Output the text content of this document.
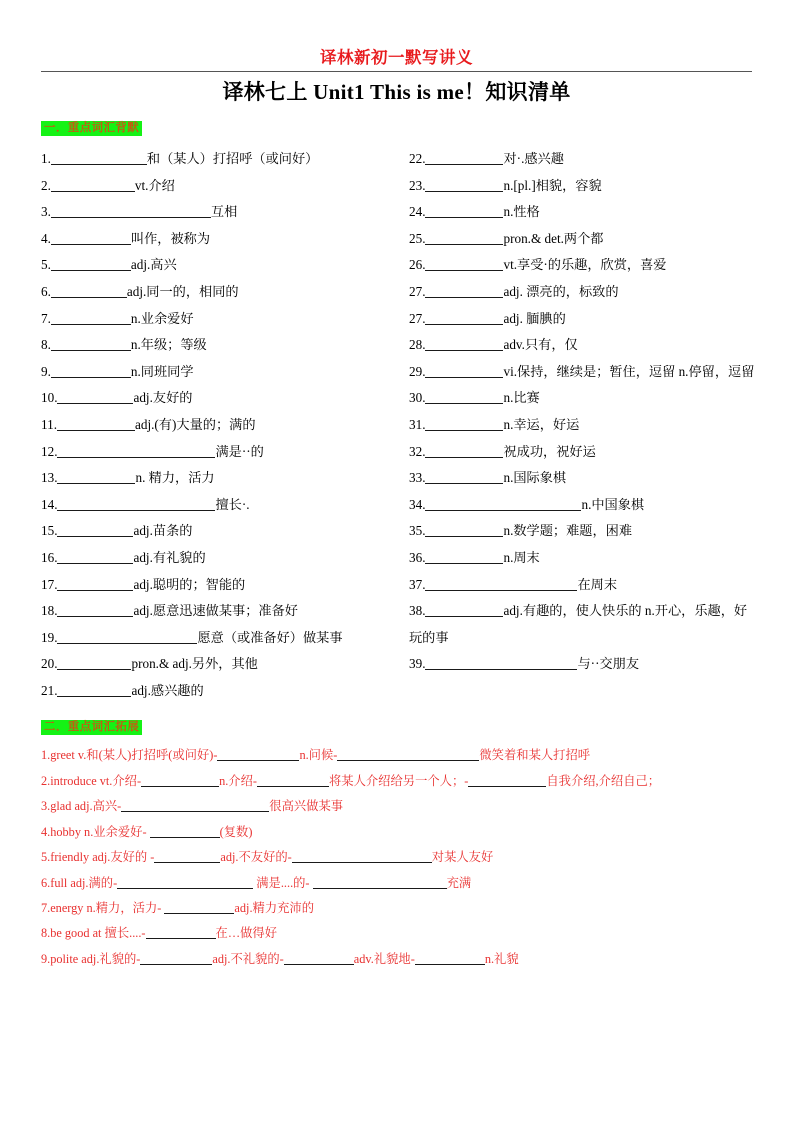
译林新初一默写讲义
译林七上 Unit1 This is me！知识清单
一．重点词汇背默
1.	和（某人）打招呼（或问好）
2.	vt.介绍
3.	互相
4.	叫作，被称为
5.	adj.高兴
6.	adj.同一的，相同的
7.	n.业余爱好
8.	n.年级；等级
9.	n.同班同学
10.	adj.友好的
11.	adj.(有)大量的；满的
12.	满是··的
13.	n. 精力，活力
14.	擅长·.
15.	adj.苗条的
16.	adj.有礼貌的
17.	adj.聪明的；智能的
18.	adj.愿意迅速做某事；准备好
19.	愿意（或准备好）做某事
20.	pron.& adj.另外，其他
21.	adj.感兴趣的
22.	对·.感兴趣
23.	n.[pl.]相貌，容貌
24.	n.性格
25.	pron.& det.两个都
26.	vt.享受·的乐趣，欣赏，喜爱
27.	adj. 漂亮的，标致的
27.	adj. 腼腆的
28.	adv.只有，仅
29.	vi.保持，继续是；暂住，逗留 n.停留，逗留
30.	n.比赛
31.	n.幸运，好运
32.	祝成功，祝好运
33.	n.国际象棋
34.	n.中国象棋
35.	n.数学题；难题，困难
36.	n.周末
37.	在周末
38.	adj.有趣的，使人快乐的 n.开心，乐趣，好玩的事
39.	与··交朋友
二．重点词汇拓展
1.greet v.和(某人)打招呼(或问好)-	n.问候-	微笑着和某人打招呼
2.introduce vt.介绍-	n.介绍-	将某人介绍给另一个人；-	自我介绍,介绍自己；
3.glad adj.高兴-	很高兴做某事
4.hobby n.业余爱好-	(复数)
5.friendly adj.友好的 -	adj.不友好的-	对某人友好
6.full adj.满的-	满是....的-	充满
7.energy n.精力，活力-	adj.精力充沛的
8.be good at 擅长....-	在…做得好
9.polite adj.礼貌的-	adj.不礼貌的-	adv.礼貌地-	n.礼貌
